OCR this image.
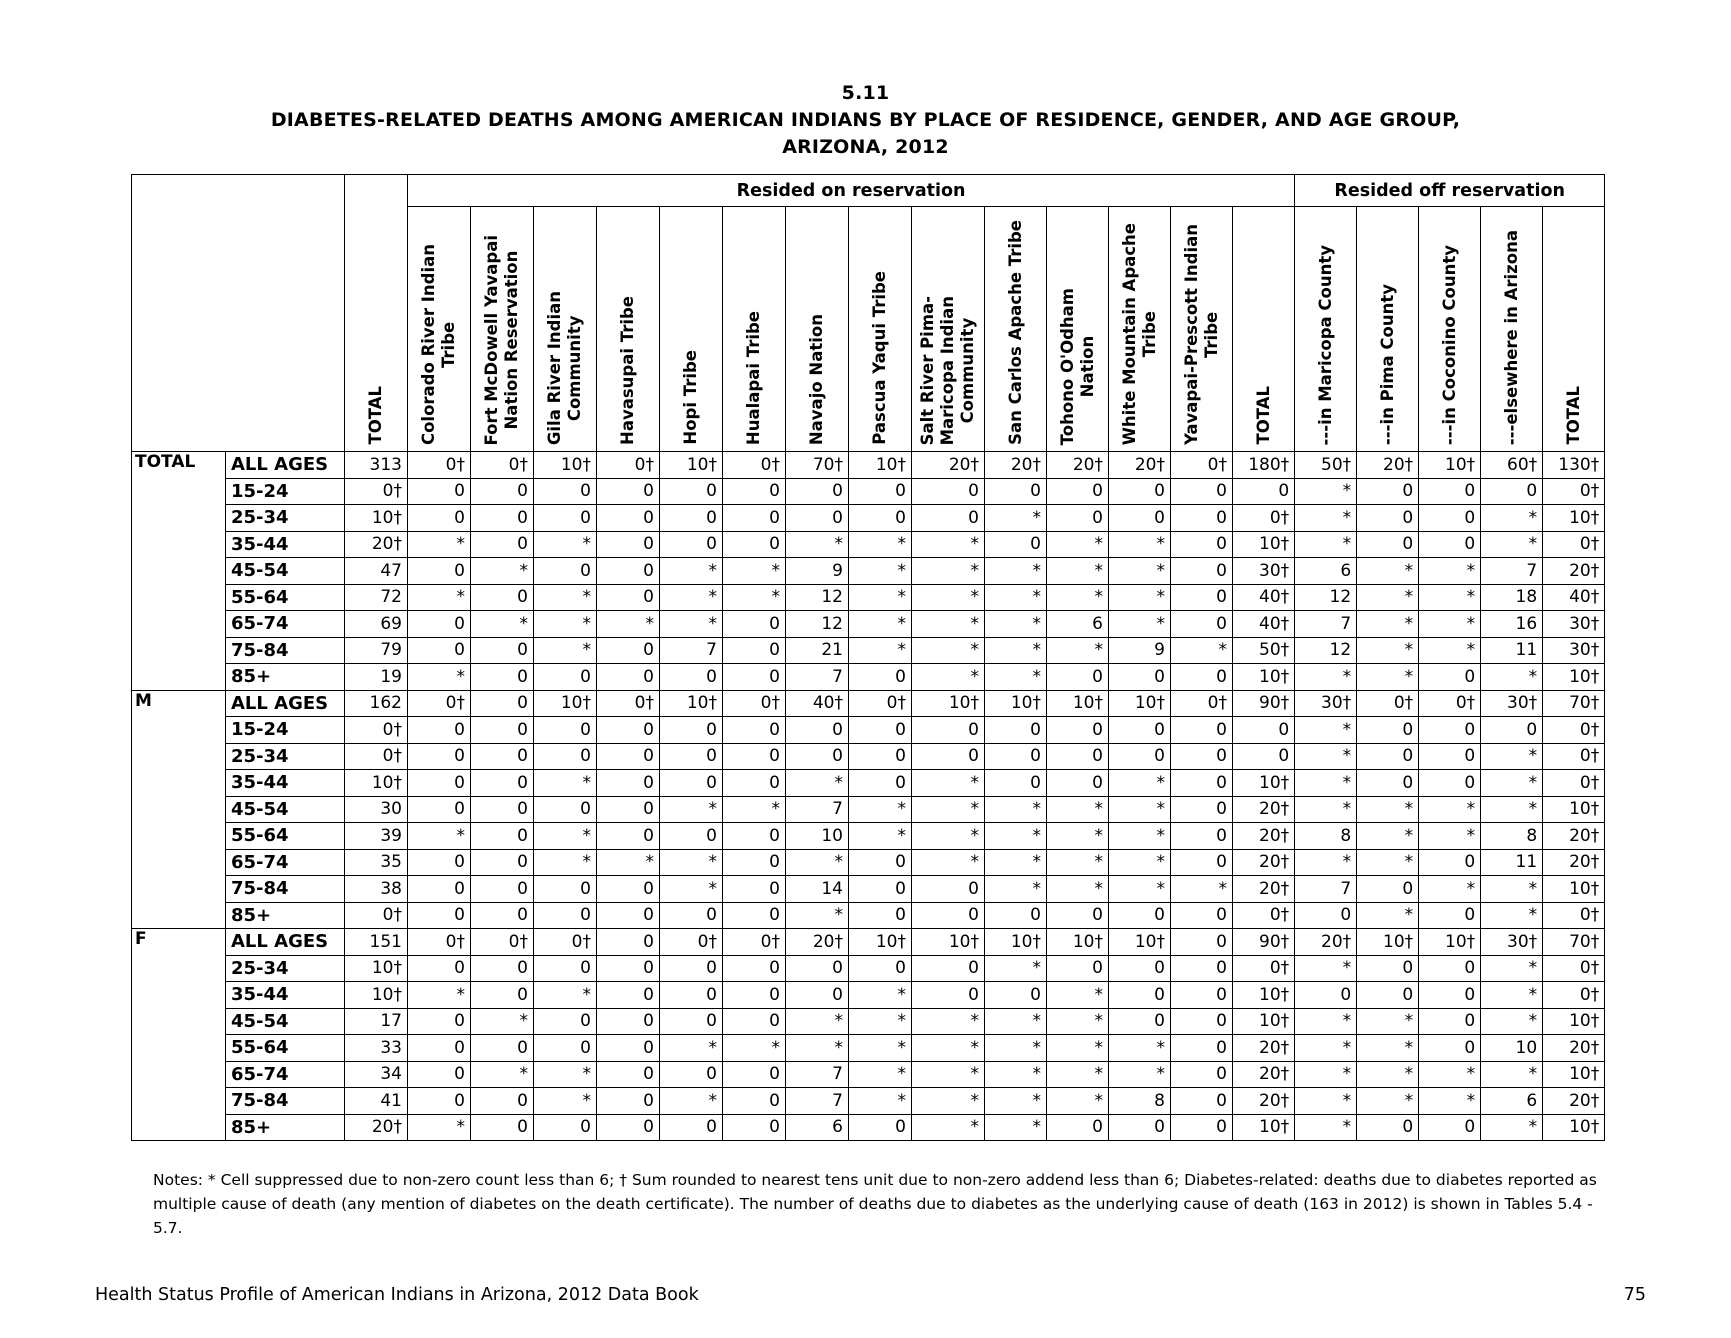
5.11
DIABETES-RELATED DEATHS AMONG AMERICAN INDIANS BY PLACE OF RESIDENCE, GENDER, AND AGE GROUP,
ARIZONA, 2012

		TOTAL	Resided on reservation														Resided off reservation				

			Colorado River Indian
Tribe	Fort McDowell Yavapai
Nation Reservation	Gila River Indian
Community	Havasupai Tribe	Hopi Tribe	Hualapai Tribe	Navajo Nation	Pascua Yaqui Tribe	Salt River Pima-
Maricopa Indian
Community	San Carlos Apache Tribe	Tohono O'Odham
Nation	White Mountain Apache
Tribe	Yavapai-Prescott Indian
Tribe	TOTAL	---in Maricopa County	---in Pima County	---in Coconino County	---elsewhere in Arizona	TOTAL

TOTAL	ALL AGES	313	0†	0†	10†	0†	10†	0†	70†	10†	20†	20†	20†	20†	0†	180†	50†	20†	10†	60†	130†
	15-24	0†	0	0	0	0	0	0	0	0	0	0	0	0	0	0	*	0	0	0	0†
	25-34	10†	0	0	0	0	0	0	0	0	0	*	0	0	0	0†	*	0	0	*	10†
	35-44	20†	*	0	*	0	0	0	*	*	*	0	*	*	0	10†	*	0	0	*	0†
	45-54	47	0	*	0	0	*	*	9	*	*	*	*	*	0	30†	6	*	*	7	20†
	55-64	72	*	0	*	0	*	*	12	*	*	*	*	*	0	40†	12	*	*	18	40†
	65-74	69	0	*	*	*	*	0	12	*	*	*	6	*	0	40†	7	*	*	16	30†
	75-84	79	0	0	*	0	7	0	21	*	*	*	*	9	*	50†	12	*	*	11	30†
	85+	19	*	0	0	0	0	0	7	0	*	*	0	0	0	10†	*	*	0	*	10†
M	ALL AGES	162	0†	0	10†	0†	10†	0†	40†	0†	10†	10†	10†	10†	0†	90†	30†	0†	0†	30†	70†
	15-24	0†	0	0	0	0	0	0	0	0	0	0	0	0	0	0	*	0	0	0	0†
	25-34	0†	0	0	0	0	0	0	0	0	0	0	0	0	0	0	*	0	0	*	0†
	35-44	10†	0	0	*	0	0	0	*	0	*	0	0	*	0	10†	*	0	0	*	0†
	45-54	30	0	0	0	0	*	*	7	*	*	*	*	*	0	20†	*	*	*	*	10†
	55-64	39	*	0	*	0	0	0	10	*	*	*	*	*	0	20†	8	*	*	8	20†
	65-74	35	0	0	*	*	*	0	*	0	*	*	*	*	0	20†	*	*	0	11	20†
	75-84	38	0	0	0	0	*	0	14	0	0	*	*	*	*	20†	7	0	*	*	10†
	85+	0†	0	0	0	0	0	0	*	0	0	0	0	0	0	0†	0	*	0	*	0†
F	ALL AGES	151	0†	0†	0†	0	0†	0†	20†	10†	10†	10†	10†	10†	0	90†	20†	10†	10†	30†	70†
	25-34	10†	0	0	0	0	0	0	0	0	0	*	0	0	0	0†	*	0	0	*	0†
	35-44	10†	*	0	*	0	0	0	0	*	0	0	*	0	0	10†	0	0	0	*	0†
	45-54	17	0	*	0	0	0	0	*	*	*	*	*	0	0	10†	*	*	0	*	10†
	55-64	33	0	0	0	0	*	*	*	*	*	*	*	*	0	20†	*	*	0	10	20†
	65-74	34	0	*	*	0	0	0	7	*	*	*	*	*	0	20†	*	*	*	*	10†
	75-84	41	0	0	*	0	*	0	7	*	*	*	*	8	0	20†	*	*	*	6	20†
	85+	20†	*	0	0	0	0	0	6	0	*	*	0	0	0	10†	*	0	0	*	10†
Notes: * Cell suppressed due to non-zero count less than 6; † Sum rounded to nearest tens unit due to non-zero addend less than 6; Diabetes-related: deaths due to diabetes reported as multiple cause of death (any mention of diabetes on the death certificate). The number of deaths due to diabetes as the underlying cause of death (163 in 2012) is shown in Tables 5.4 - 5.7.
Health Status Profile of American Indians in Arizona, 2012 Data Book	75
